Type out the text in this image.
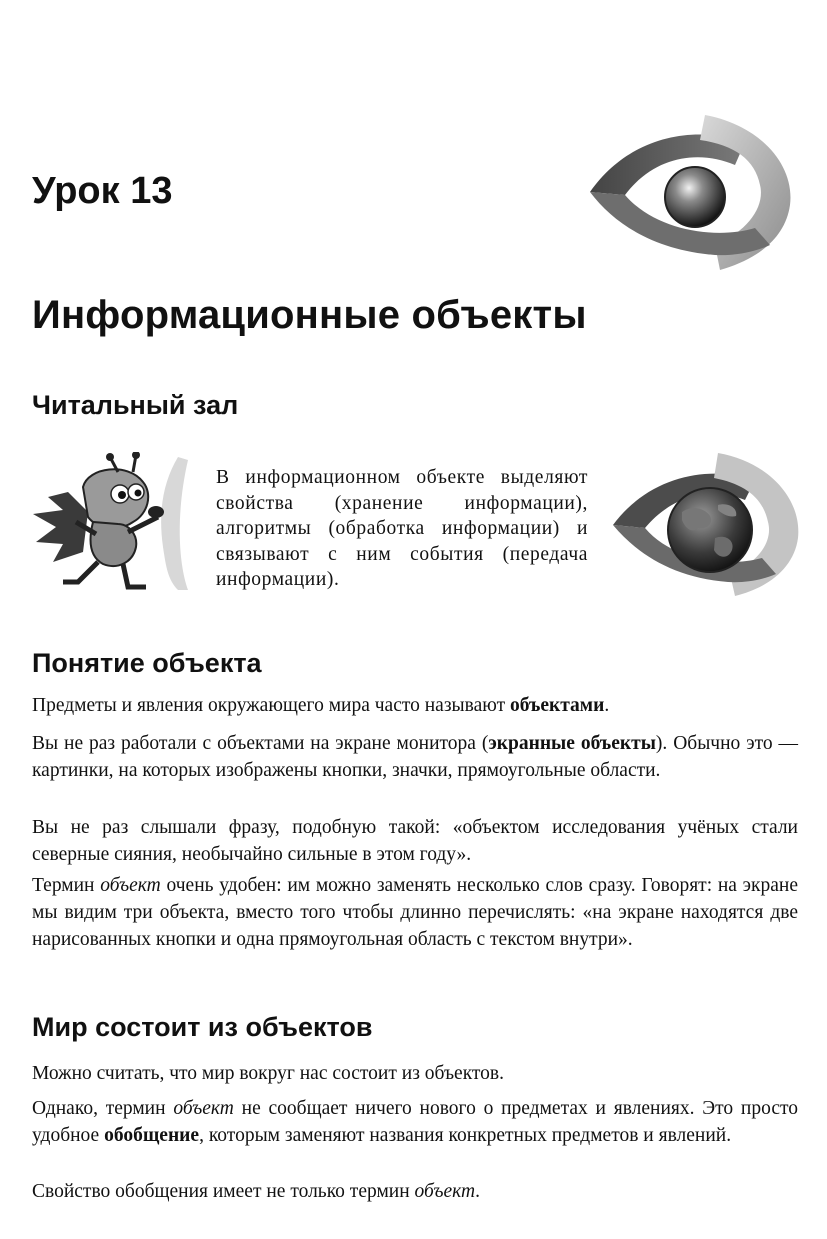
Урок 13
Информационные объекты
Читальный зал

В информационном объекте выделяют свойства (хранение информации), алгоритмы (обработка информации) и связывают с ним события (передача информации).

Понятие объекта

Предметы и явления окружающего мира часто называют объектами.

Вы не раз работали с объектами на экране монитора (экранные объекты). Обычно это — картинки, на которых изображены кнопки, значки, прямоугольные области.

Вы не раз слышали фразу, подобную такой: «объектом исследования учёных стали северные сияния, необычайно сильные в этом году».

Термин объект очень удобен: им можно заменять несколько слов сразу. Говорят: на экране мы видим три объекта, вместо того чтобы длинно перечислять: «на экране находятся две нарисованных кнопки и одна прямоугольная область с текстом внутри».

Мир состоит из объектов

Можно считать, что мир вокруг нас состоит из объектов.

Однако, термин объект не сообщает ничего нового о предметах и явлениях. Это просто удобное обобщение, которым заменяют названия конкретных предметов и явлений.

Свойство обобщения имеет не только термин объект.
